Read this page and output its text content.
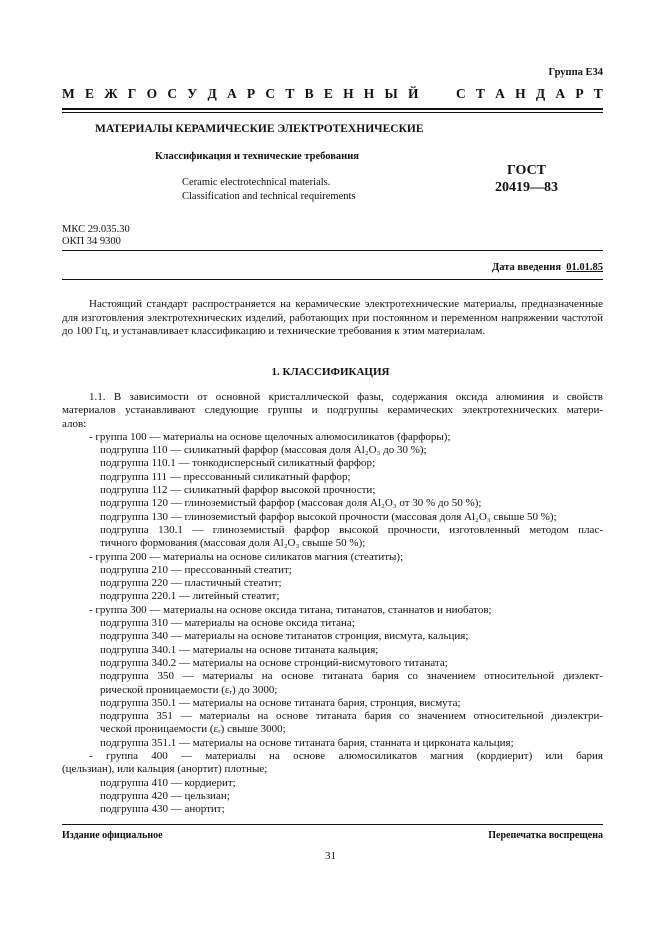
Группа Е34
М Е Ж Г О С У Д А Р С Т В Е Н Н Ы Й

	С Т А Н Д А Р Т
МАТЕРИАЛЫ КЕРАМИЧЕСКИЕ ЭЛЕКТРОТЕХНИЧЕСКИЕ
Классификация и технические требования
Ceramic electrotechnical materials.
Classification and technical requirements
ГОСТ
20419—83
МКС 29.035.30
ОКП 34 9300
Дата введения 01.01.85

Настоящий стандарт распространяется на керамические электротехнические материалы, предназначенные для изготовления электротехнических изделий, работающих при постоянном и переменном напряжении частотой до 100 Гц, и устанавливает классификацию и технические требования к этим материалам.

1. КЛАССИФИКАЦИЯ
1.1. В зависимости от основной кристаллической фазы, содержания оксида алюминия и свойств
материалов устанавливают следующие группы и подгруппы керамических электротехнических матери-
алов:
- группа 100 — материалы на основе щелочных алюмосиликатов (фарфоры);
подгруппа 110 — силикатный фарфор (массовая доля Al₂O₃ до 30 %);
подгруппа 110.1 — тонкодисперсный силикатный фарфор;
подгруппа 111 — прессованный силикатный фарфор;
подгруппа 112 — силикатный фарфор высокой прочности;
подгруппа 120 — глиноземистый фарфор (массовая доля Al₂O₃ от 30 % до 50 %);
подгруппа 130 — глиноземистый фарфор высокой прочности (массовая доля Al₂O₃ свыше 50 %);
подгруппа 130.1 — глиноземистый фарфор высокой прочности, изготовленный методом плас-
тичного формования (массовая доля Al₂O₃ свыше 50 %);
- группа 200 — материалы на основе силикатов магния (стеатиты);
подгруппа 210 — прессованный стеатит;
подгруппа 220 — пластичный стеатит;
подгруппа 220.1 — литейный стеатит;
- группа 300 — материалы на основе оксида титана, титанатов, станнатов и ниобатов;
подгруппа 310 — материалы на основе оксида титана;
подгруппа 340 — материалы на основе титанатов стронция, висмута, кальция;
подгруппа 340.1 — материалы на основе титаната кальция;
подгруппа 340.2 — материалы на основе стронций-висмутового титаната;
подгруппа 350 — материалы на основе титаната бария со значением относительной диэлект-
рической проницаемости (εᵣ) до 3000;
подгруппа 350.1 — материалы на основе титаната бария, стронция, висмута;
подгруппа 351 — материалы на основе титаната бария со значением относительной диэлектри-
ческой проницаемости (εᵣ) свыше 3000;
подгруппа 351.1 — материалы на основе титаната бария, станната и цирконата кальция;
- группа 400 — материалы на основе алюмосиликатов магния (кордиерит) или бария
(цельзиан), или кальция (анортит) плотные;
подгруппа 410 — кордиерит;
подгруппа 420 — цельзиан;
подгруппа 430 — анортит;
Издание официальное	Перепечатка воспрещена
31
